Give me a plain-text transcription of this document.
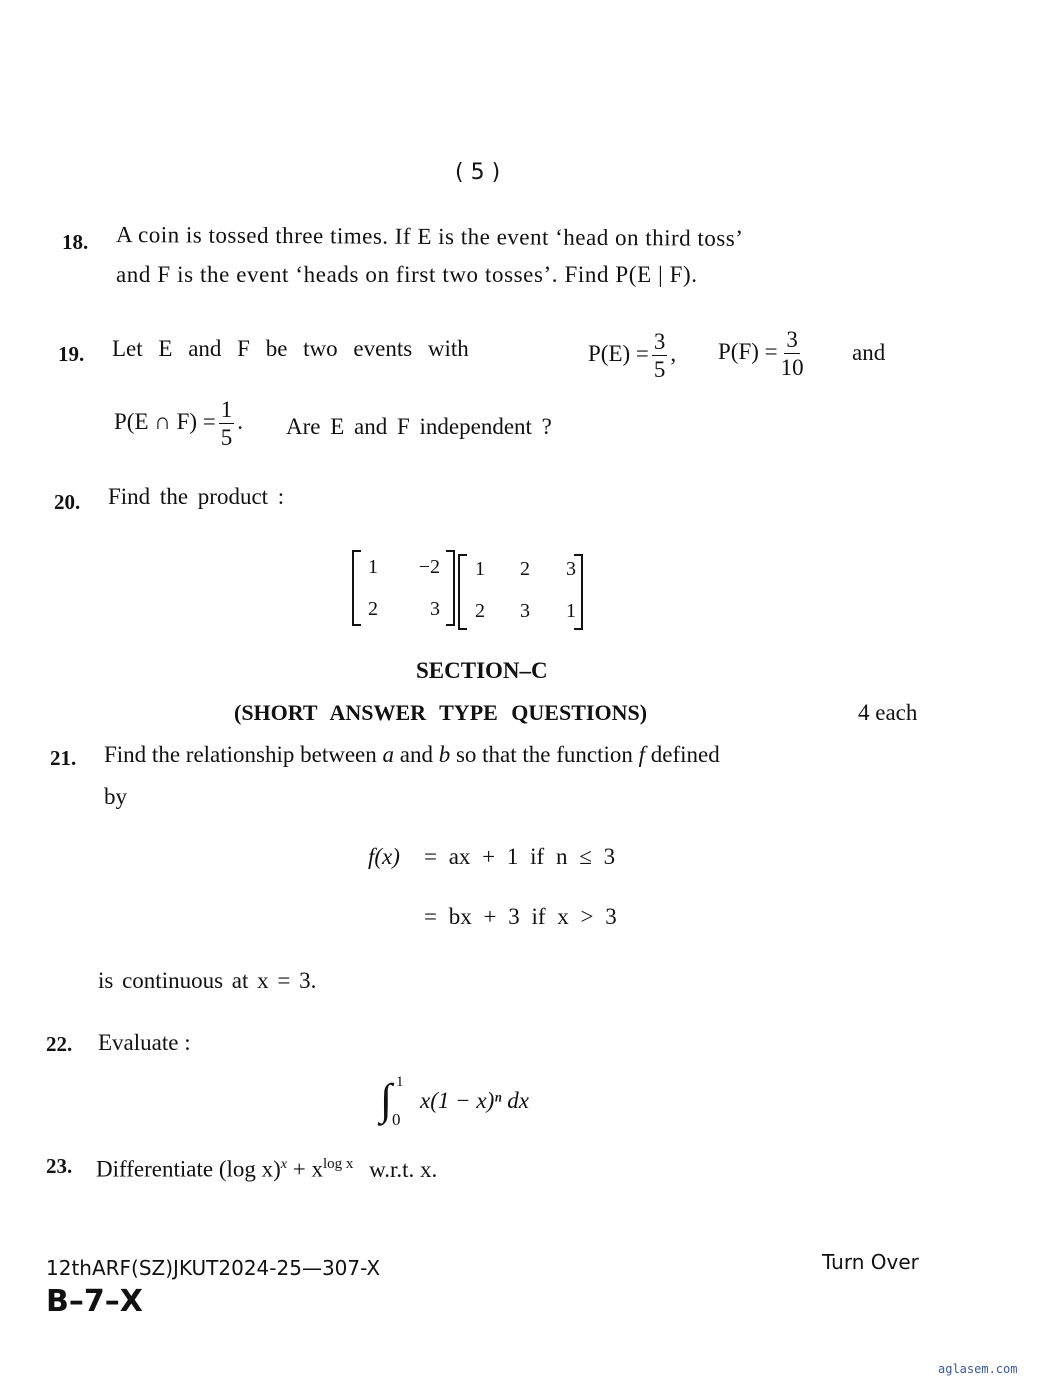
( 5 )
18. A coin is tossed three times. If E is the event ‘head on third toss’
and F is the event ‘heads on first two tosses’. Find P(E | F).
19. Let E and F be two events with	$P(E) = \frac{3}{5}$ , $P(F) = \frac{3}{10}$ and
P(E ∩ $F) = \frac{1}{5}$ . Are E and F independent ?
20. Find the product :
1	−2
2	3
1	2	3
2	3	1
SECTION–C
(SHORT ANSWER TYPE QUESTIONS)	4 each
21. Find the relationship between a and b so that the function f defined
by
f(x) = ax + 1 if n ≤ 3
= bx + 3 if x > 3
is continuous at x = 3.
22. Evaluate :
∫ 1
0
x(1 − x)ⁿ dx
23. Differentiate (log $x)^x + x^{log x}$ w.r.t. x.
12thARF(SZ)JKUT2024-25—307-X
B–7–X
Turn Over
aglasem.com
